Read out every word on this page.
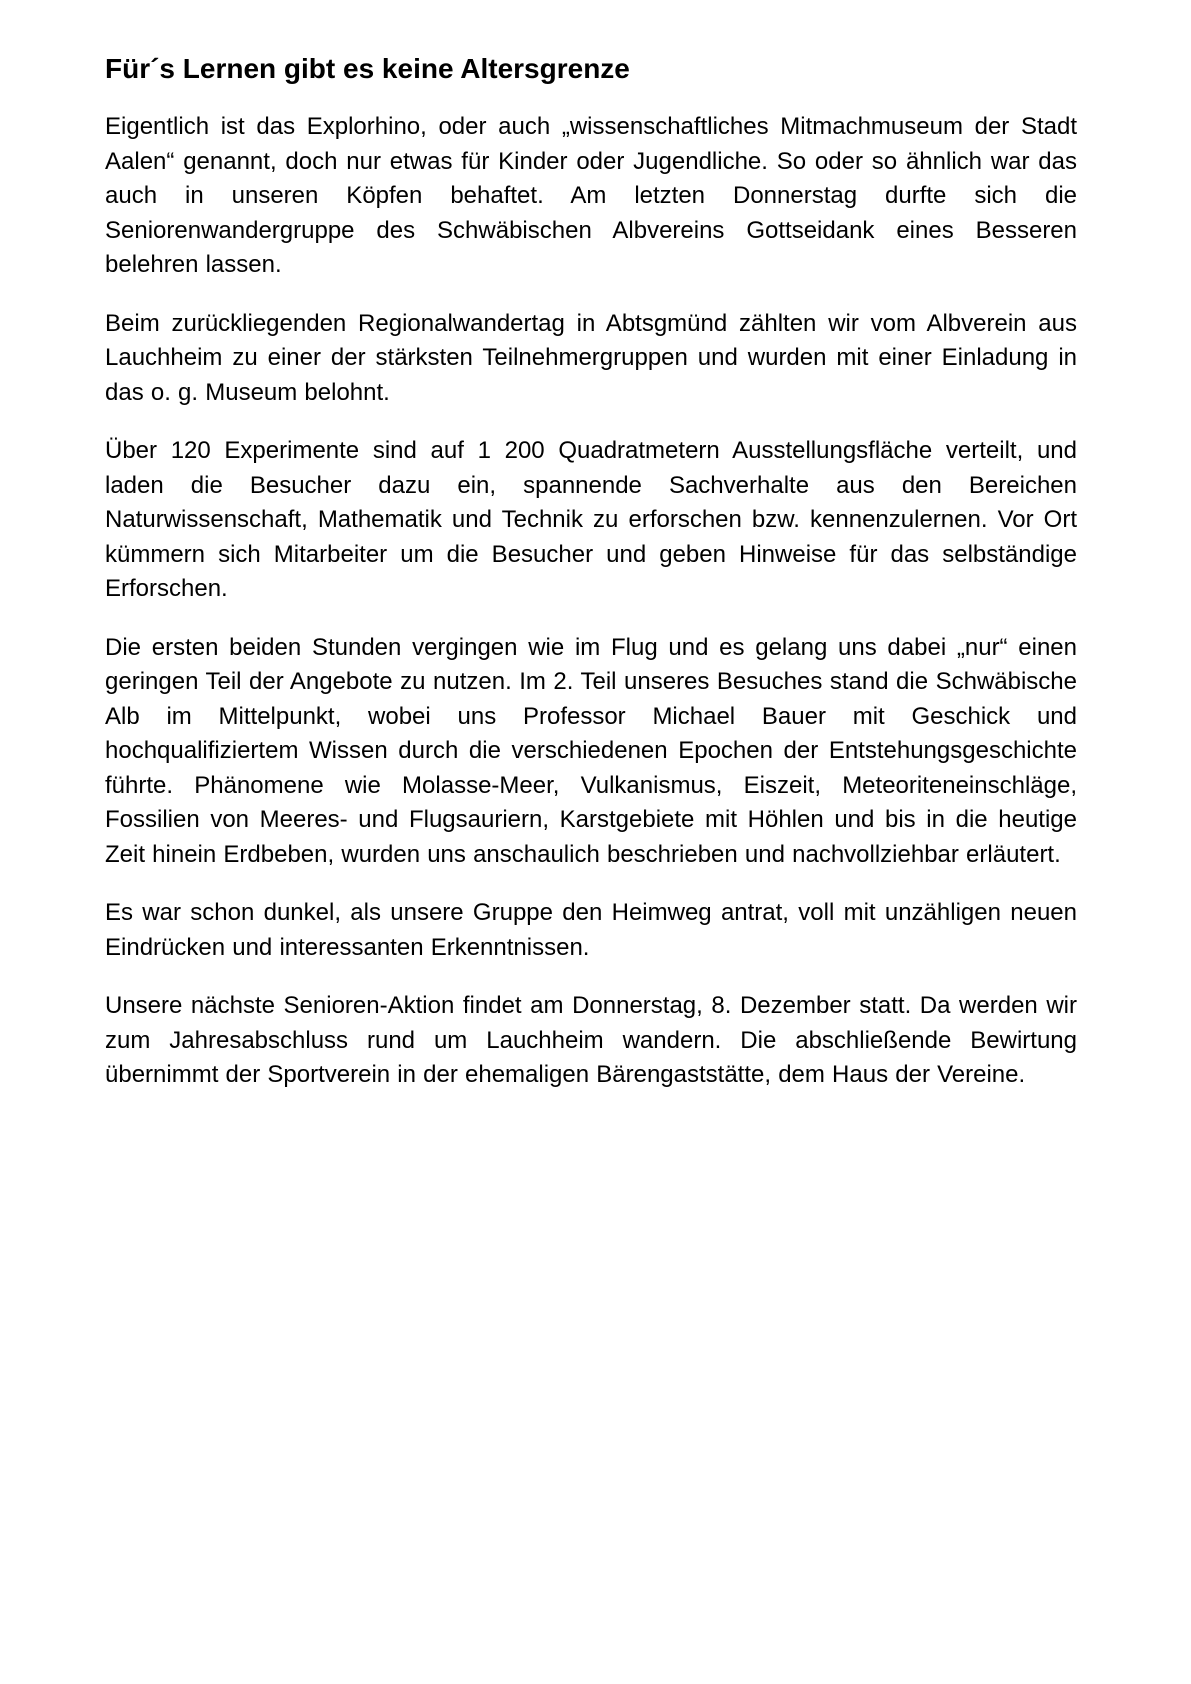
Für´s Lernen gibt es keine Altersgrenze

Eigentlich ist das Explorhino, oder auch „wissenschaftliches Mitmachmuseum der Stadt Aalen“ genannt, doch nur etwas für Kinder oder Jugendliche. So oder so ähnlich war das auch in unseren Köpfen behaftet. Am letzten Donnerstag durfte sich die Seniorenwandergruppe des Schwäbischen Albvereins Gottseidank eines Besseren belehren lassen.

Beim zurückliegenden Regionalwandertag in Abtsgmünd zählten wir vom Albverein aus Lauchheim zu einer der stärksten Teilnehmergruppen und wurden mit einer Einladung in das o. g. Museum belohnt.

Über 120 Experimente sind auf 1 200 Quadratmetern Ausstellungsfläche verteilt, und laden die Besucher dazu ein, spannende Sachverhalte aus den Bereichen Naturwissenschaft, Mathematik und Technik zu erforschen bzw. kennenzulernen. Vor Ort kümmern sich Mitarbeiter um die Besucher und geben Hinweise für das selbständige Erforschen.

Die ersten beiden Stunden vergingen wie im Flug und es gelang uns dabei „nur“ einen geringen Teil der Angebote zu nutzen. Im 2. Teil unseres Besuches stand die Schwäbische Alb im Mittelpunkt, wobei uns Professor Michael Bauer mit Geschick und hochqualifiziertem Wissen durch die verschiedenen Epochen der Entstehungsgeschichte führte. Phänomene wie Molasse-Meer, Vulkanismus, Eiszeit, Meteoriteneinschläge, Fossilien von Meeres- und Flugsauriern, Karstgebiete mit Höhlen und bis in die heutige Zeit hinein Erdbeben, wurden uns anschaulich beschrieben und nachvollziehbar erläutert.

Es war schon dunkel, als unsere Gruppe den Heimweg antrat, voll mit unzähligen neuen Eindrücken und interessanten Erkenntnissen.

Unsere nächste Senioren-Aktion findet am Donnerstag, 8. Dezember statt. Da werden wir zum Jahresabschluss rund um Lauchheim wandern. Die abschließende Bewirtung übernimmt der Sportverein in der ehemaligen Bärengaststätte, dem Haus der Vereine.
